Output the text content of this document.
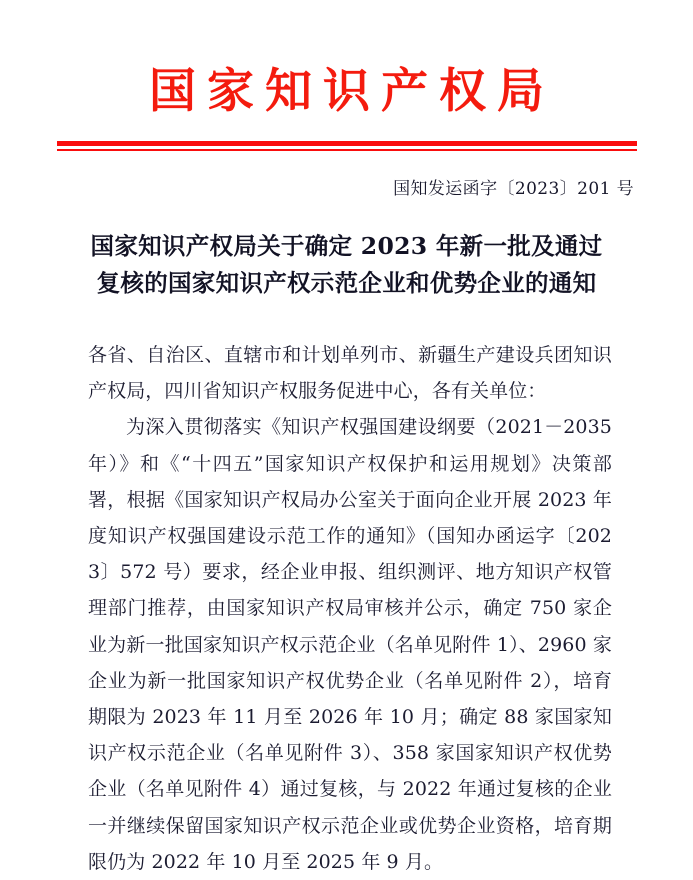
国家知识产权局
国知发运函字〔2023〕201 号
国家知识产权局关于确定 2023 年新一批及通过
复核的国家知识产权示范企业和优势企业的通知

各省、自治区、直辖市和计划单列市、新疆生产建设兵团知识产权局，四川省知识产权服务促进中心，各有关单位：

为深入贯彻落实《知识产权强国建设纲要（2021－2035 年）》和《“十四五”国家知识产权保护和运用规划》决策部署，根据《国家知识产权局办公室关于面向企业开展 2023 年度知识产权强国建设示范工作的通知》（国知办函运字〔2023〕572 号）要求，经企业申报、组织测评、地方知识产权管理部门推荐，由国家知识产权局审核并公示，确定 750 家企业为新一批国家知识产权示范企业（名单见附件 1）、2960 家企业为新一批国家知识产权优势企业（名单见附件 2），培育期限为 2023 年 11 月至 2026 年 10 月；确定 88 家国家知识产权示范企业（名单见附件 3）、358 家国家知识产权优势企业（名单见附件 4）通过复核，与 2022 年通过复核的企业一并继续保留国家知识产权示范企业或优势企业资格，培育期限仍为 2022 年 10 月至 2025 年 9 月。
